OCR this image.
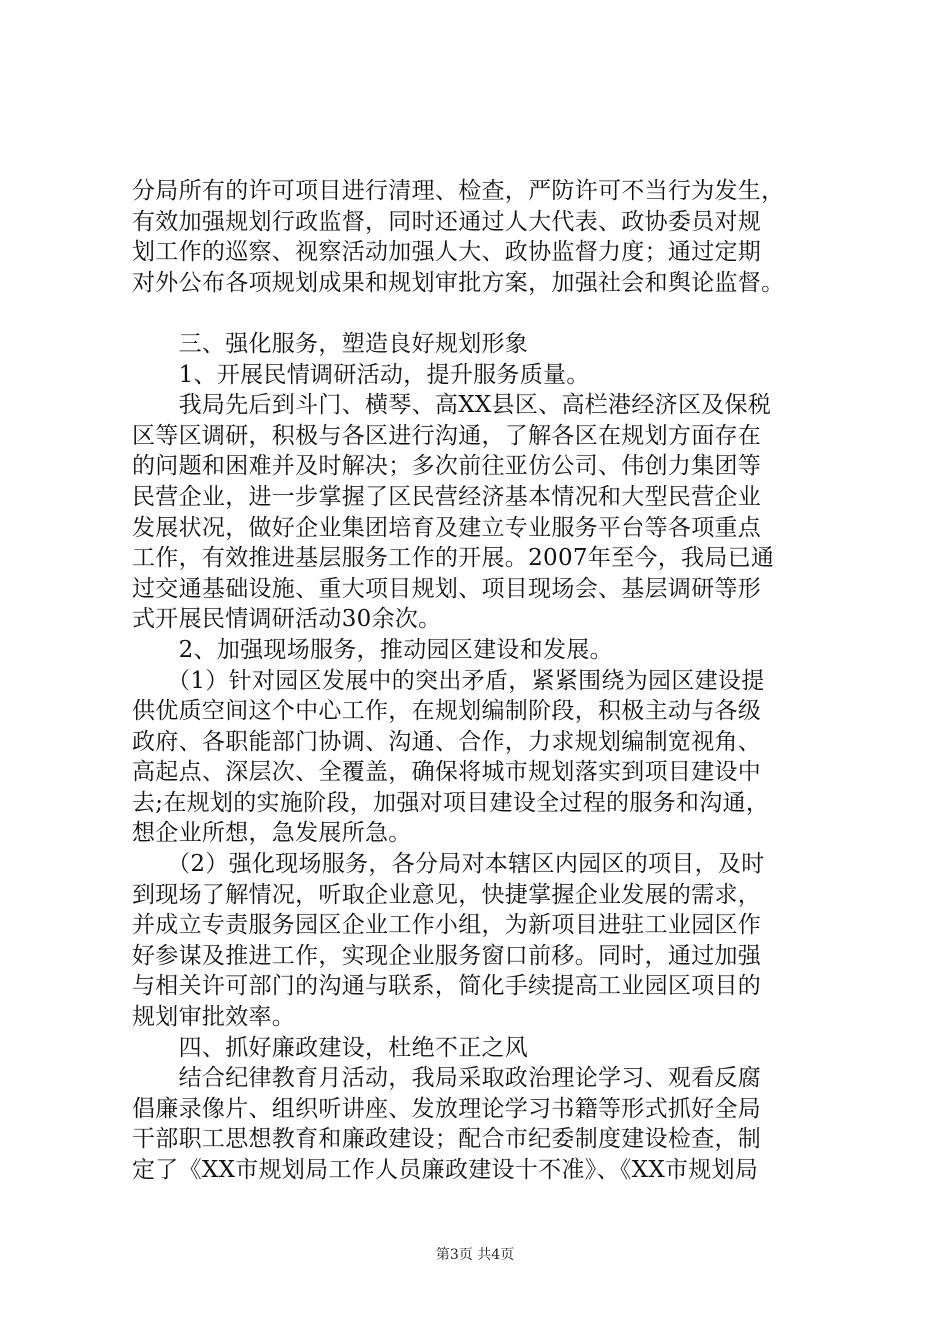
分局所有的许可项目进行清理、检查，严防许可不当行为发生，
有效加强规划行政监督，同时还通过人大代表、政协委员对规
划工作的巡察、视察活动加强人大、政协监督力度；通过定期
对外公布各项规划成果和规划审批方案，加强社会和舆论监督。
　　三、强化服务，塑造良好规划形象
　　1、开展民情调研活动，提升服务质量。
　　我局先后到斗门、横琴、高XX县区、高栏港经济区及保税
区等区调研，积极与各区进行沟通，了解各区在规划方面存在
的问题和困难并及时解决；多次前往亚仿公司、伟创力集团等
民营企业，进一步掌握了区民营经济基本情况和大型民营企业
发展状况，做好企业集团培育及建立专业服务平台等各项重点
工作，有效推进基层服务工作的开展。2007年至今，我局已通
过交通基础设施、重大项目规划、项目现场会、基层调研等形
式开展民情调研活动30余次。
　　2、加强现场服务，推动园区建设和发展。
　　（1）针对园区发展中的突出矛盾，紧紧围绕为园区建设提
供优质空间这个中心工作，在规划编制阶段，积极主动与各级
政府、各职能部门协调、沟通、合作，力求规划编制宽视角、
高起点、深层次、全覆盖，确保将城市规划落实到项目建设中
去;在规划的实施阶段，加强对项目建设全过程的服务和沟通，
想企业所想，急发展所急。
　　（2）强化现场服务，各分局对本辖区内园区的项目，及时
到现场了解情况，听取企业意见，快捷掌握企业发展的需求，
并成立专责服务园区企业工作小组，为新项目进驻工业园区作
好参谋及推进工作，实现企业服务窗口前移。同时，通过加强
与相关许可部门的沟通与联系，简化手续提高工业园区项目的
规划审批效率。
　　四、抓好廉政建设，杜绝不正之风
　　结合纪律教育月活动，我局采取政治理论学习、观看反腐
倡廉录像片、组织听讲座、发放理论学习书籍等形式抓好全局
干部职工思想教育和廉政建设；配合市纪委制度建设检查，制
定了《XX市规划局工作人员廉政建设十不准》、《XX市规划局
第3页 共4页
